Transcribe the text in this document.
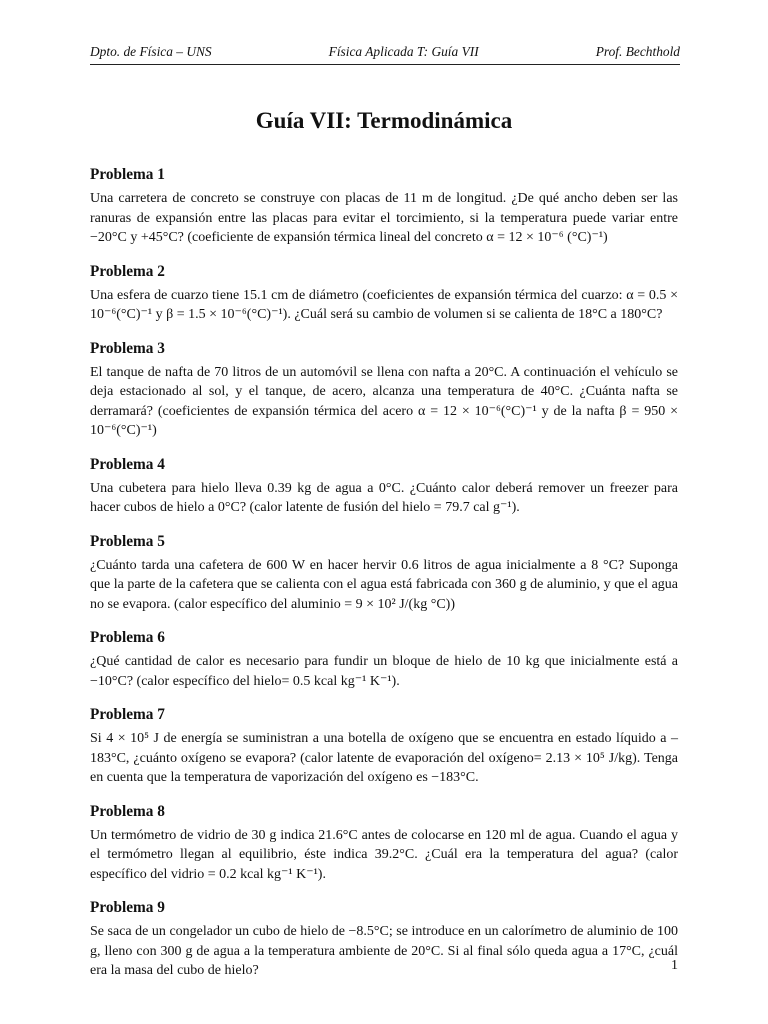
Dpto. de Física – UNS	Física Aplicada T: Guía VII	Prof. Bechthold
Guía VII: Termodinámica
Problema 1

Una carretera de concreto se construye con placas de 11 m de longitud. ¿De qué ancho deben ser las ranuras de expansión entre las placas para evitar el torcimiento, si la temperatura puede variar entre −20°C y +45°C? (coeficiente de expansión térmica lineal del concreto α = 12 × 10⁻⁶ (°C)⁻¹)

Problema 2

Una esfera de cuarzo tiene 15.1 cm de diámetro (coeficientes de expansión térmica del cuarzo: α = 0.5 × 10⁻⁶(°C)⁻¹ y β = 1.5 × 10⁻⁶(°C)⁻¹). ¿Cuál será su cambio de volumen si se calienta de 18°C a 180°C?

Problema 3

El tanque de nafta de 70 litros de un automóvil se llena con nafta a 20°C. A continuación el vehículo se deja estacionado al sol, y el tanque, de acero, alcanza una temperatura de 40°C. ¿Cuánta nafta se derramará? (coeficientes de expansión térmica del acero α = 12 × 10⁻⁶(°C)⁻¹ y de la nafta β = 950 × 10⁻⁶(°C)⁻¹)

Problema 4

Una cubetera para hielo lleva 0.39 kg de agua a 0°C. ¿Cuánto calor deberá remover un freezer para hacer cubos de hielo a 0°C? (calor latente de fusión del hielo = 79.7 cal g⁻¹).

Problema 5

¿Cuánto tarda una cafetera de 600 W en hacer hervir 0.6 litros de agua inicialmente a 8 °C? Suponga que la parte de la cafetera que se calienta con el agua está fabricada con 360 g de aluminio, y que el agua no se evapora. (calor específico del aluminio = 9 × 10² J/(kg °C))

Problema 6

¿Qué cantidad de calor es necesario para fundir un bloque de hielo de 10 kg que inicialmente está a −10°C? (calor específico del hielo= 0.5 kcal kg⁻¹ K⁻¹).

Problema 7

Si 4 × 10⁵ J de energía se suministran a una botella de oxígeno que se encuentra en estado líquido a –183°C, ¿cuánto oxígeno se evapora? (calor latente de evaporación del oxígeno= 2.13 × 10⁵ J/kg). Tenga en cuenta que la temperatura de vaporización del oxígeno es −183°C.

Problema 8

Un termómetro de vidrio de 30 g indica 21.6°C antes de colocarse en 120 ml de agua. Cuando el agua y el termómetro llegan al equilibrio, éste indica 39.2°C. ¿Cuál era la temperatura del agua? (calor específico del vidrio = 0.2 kcal kg⁻¹ K⁻¹).

Problema 9

Se saca de un congelador un cubo de hielo de −8.5°C; se introduce en un calorímetro de aluminio de 100 g, lleno con 300 g de agua a la temperatura ambiente de 20°C. Si al final sólo queda agua a 17°C, ¿cuál era la masa del cubo de hielo?	1
